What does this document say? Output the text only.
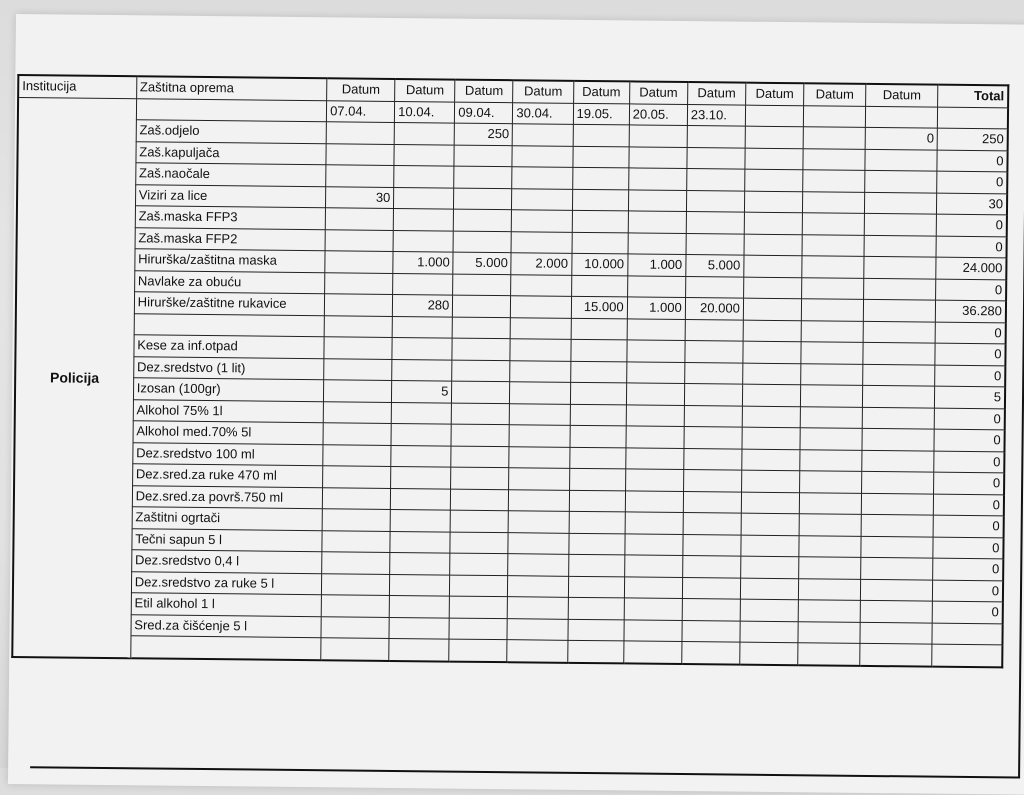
Institucija	Zaštitna oprema	Datum	Datum	Datum	Datum	Datum	Datum	Datum	Datum	Datum	Datum	Total
Policija		07.04.	10.04.	09.04.	30.04.	19.05.	20.05.	23.10.				
	Zaš.odjelo			250							0	250
	Zaš.kapuljača											0
	Zaš.naočale											0
	Viziri za lice	30										30
	Zaš.maska FFP3											0
	Zaš.maska FFP2											0
	Hirurška/zaštitna maska		1.000	5.000	2.000	10.000	1.000	5.000				24.000
	Navlake za obuću											0
	Hirurške/zaštitne rukavice		280			15.000	1.000	20.000				36.280
												0
	Kese za inf.otpad											0
	Dez.sredstvo (1 lit)											0
	Izosan (100gr)		5									5
	Alkohol 75% 1l											0
	Alkohol med.70% 5l											0
	Dez.sredstvo 100 ml											0
	Dez.sred.za ruke 470 ml											0
	Dez.sred.za površ.750 ml											0
	Zaštitni ogrtači											0
	Tečni sapun 5 l											0
	Dez.sredstvo 0,4 l											0
	Dez.sredstvo za ruke 5 l											0
	Etil alkohol 1 l											0
	Sred.za čišćenje 5 l											
